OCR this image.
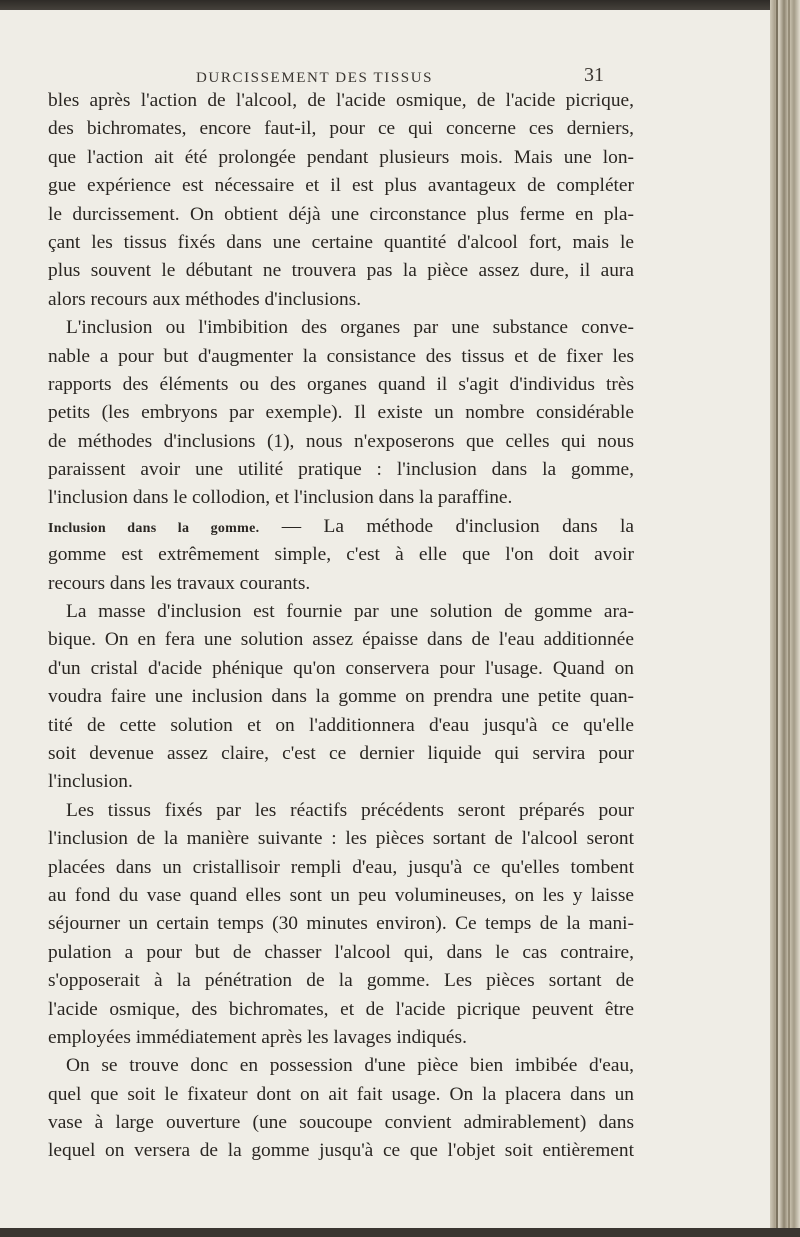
DURCISSEMENT DES TISSUS	31
bles après l'action de l'alcool, de l'acide osmique, de l'acide picrique,
des bichromates, encore faut-il, pour ce qui concerne ces derniers,
que l'action ait été prolongée pendant plusieurs mois. Mais une lon-
gue expérience est nécessaire et il est plus avantageux de compléter
le durcissement. On obtient déjà une circonstance plus ferme en pla-
çant les tissus fixés dans une certaine quantité d'alcool fort, mais le
plus souvent le débutant ne trouvera pas la pièce assez dure, il aura
alors recours aux méthodes d'inclusions.
L'inclusion ou l'imbibition des organes par une substance conve-
nable a pour but d'augmenter la consistance des tissus et de fixer les
rapports des éléments ou des organes quand il s'agit d'individus très
petits (les embryons par exemple). Il existe un nombre considérable
de méthodes d'inclusions (1), nous n'exposerons que celles qui nous
paraissent avoir une utilité pratique : l'inclusion dans la gomme,
l'inclusion dans le collodion, et l'inclusion dans la paraffine.
Inclusion dans la gomme. — La méthode d'inclusion dans la
gomme est extrêmement simple, c'est à elle que l'on doit avoir
recours dans les travaux courants.
La masse d'inclusion est fournie par une solution de gomme ara-
bique. On en fera une solution assez épaisse dans de l'eau additionnée
d'un cristal d'acide phénique qu'on conservera pour l'usage. Quand on
voudra faire une inclusion dans la gomme on prendra une petite quan-
tité de cette solution et on l'additionnera d'eau jusqu'à ce qu'elle
soit devenue assez claire, c'est ce dernier liquide qui servira pour
l'inclusion.
Les tissus fixés par les réactifs précédents seront préparés pour
l'inclusion de la manière suivante : les pièces sortant de l'alcool seront
placées dans un cristallisoir rempli d'eau, jusqu'à ce qu'elles tombent
au fond du vase quand elles sont un peu volumineuses, on les y laisse
séjourner un certain temps (30 minutes environ). Ce temps de la mani-
pulation a pour but de chasser l'alcool qui, dans le cas contraire,
s'opposerait à la pénétration de la gomme. Les pièces sortant de
l'acide osmique, des bichromates, et de l'acide picrique peuvent être
employées immédiatement après les lavages indiqués.
On se trouve donc en possession d'une pièce bien imbibée d'eau,
quel que soit le fixateur dont on ait fait usage. On la placera dans un
vase à large ouverture (une soucoupe convient admirablement) dans
lequel on versera de la gomme jusqu'à ce que l'objet soit entièrement
